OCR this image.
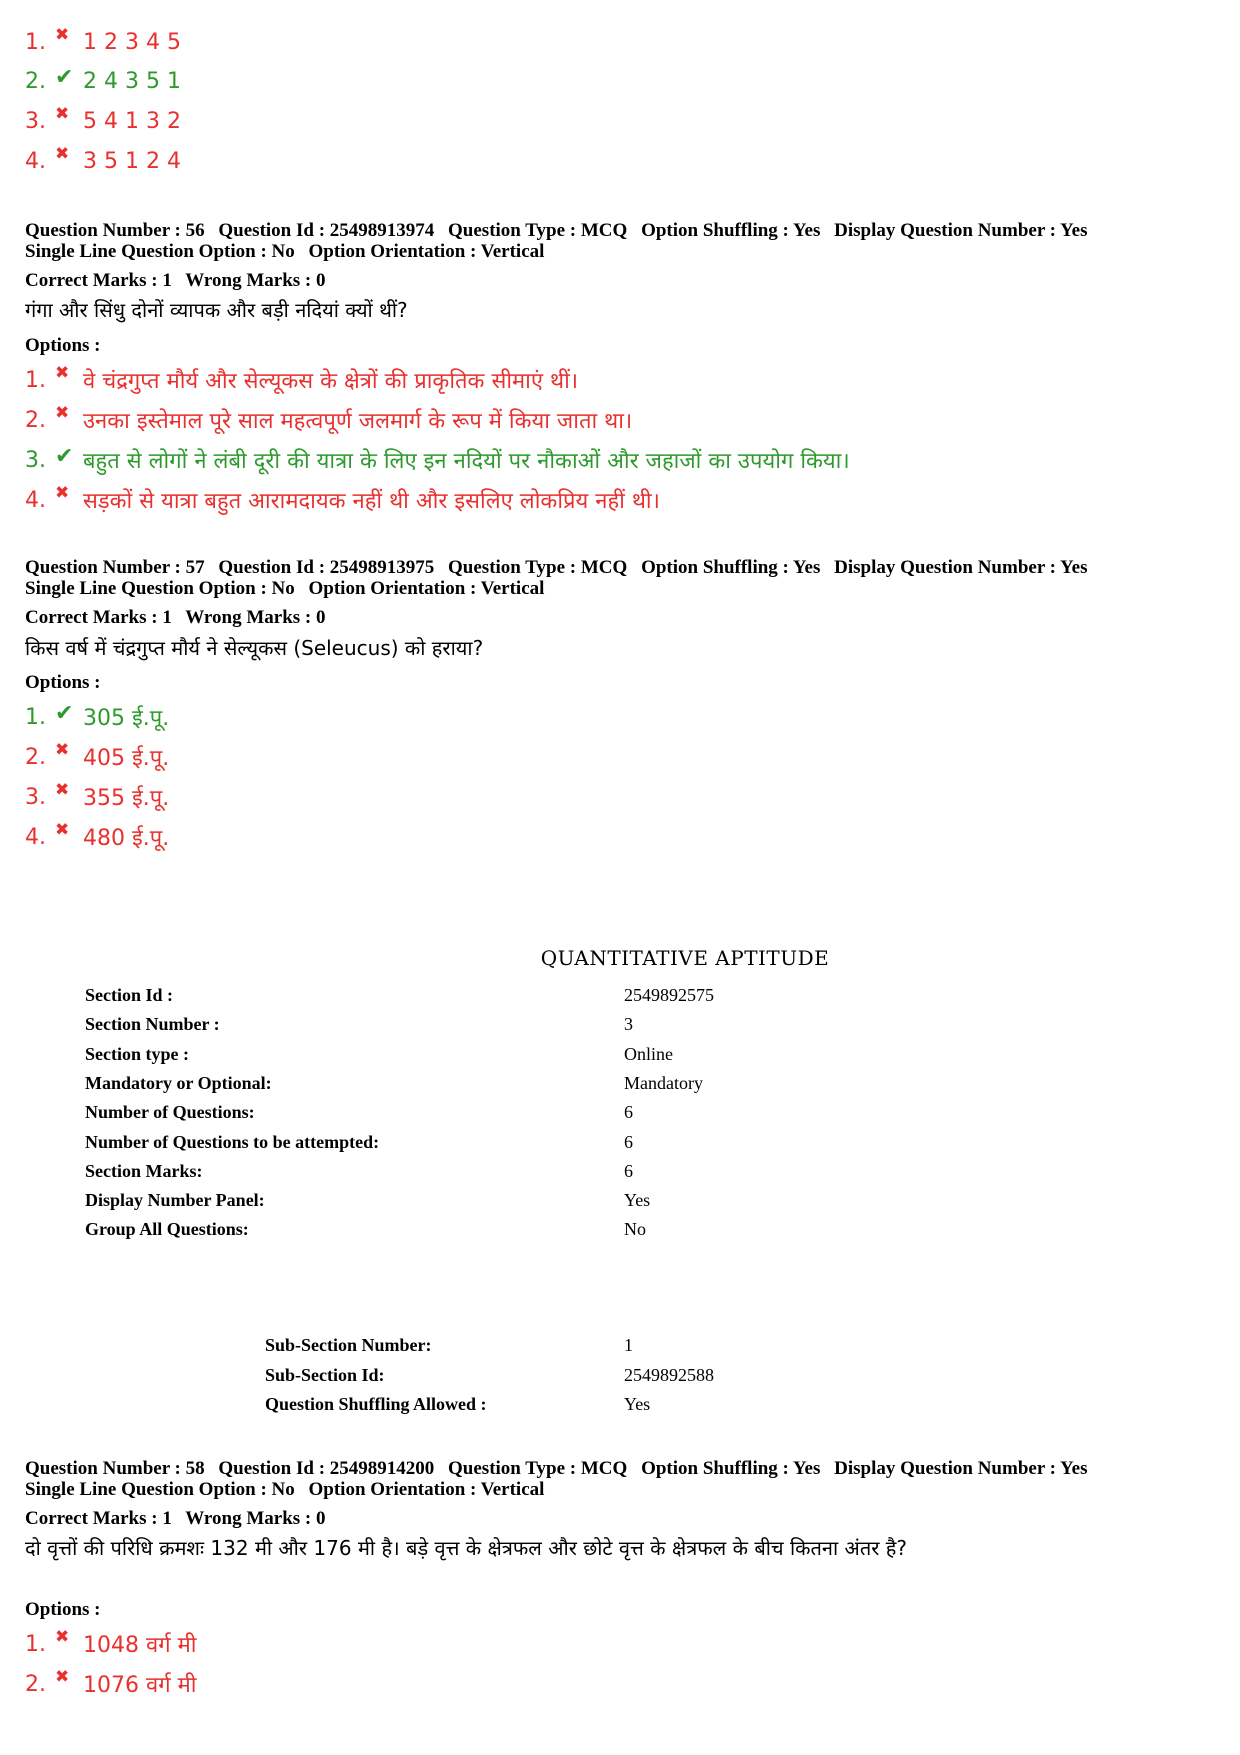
1. ✖ 1 2 3 4 5
2. ✔ 2 4 3 5 1
3. ✖ 5 4 1 3 2
4. ✖ 3 5 1 2 4
Question Number : 56 Question Id : 25498913974 Question Type : MCQ Option Shuffling : Yes Display Question Number : Yes
Single Line Question Option : No Option Orientation : Vertical
Correct Marks : 1 Wrong Marks : 0
गंगा और सिंधु दोनों व्यापक और बड़ी नदियां क्यों थीं?
Options :
1. ✖ वे चंद्रगुप्त मौर्य और सेल्यूकस के क्षेत्रों की प्राकृतिक सीमाएं थीं।
2. ✖ उनका इस्तेमाल पूरे साल महत्वपूर्ण जलमार्ग के रूप में किया जाता था।
3. ✔ बहुत से लोगों ने लंबी दूरी की यात्रा के लिए इन नदियों पर नौकाओं और जहाजों का उपयोग किया।
4. ✖ सड़कों से यात्रा बहुत आरामदायक नहीं थी और इसलिए लोकप्रिय नहीं थी।
Question Number : 57 Question Id : 25498913975 Question Type : MCQ Option Shuffling : Yes Display Question Number : Yes
Single Line Question Option : No Option Orientation : Vertical
Correct Marks : 1 Wrong Marks : 0
किस वर्ष में चंद्रगुप्त मौर्य ने सेल्यूकस (Seleucus) को हराया?
Options :
1. ✔ 305 ई.पू.
2. ✖ 405 ई.पू.
3. ✖ 355 ई.पू.
4. ✖ 480 ई.पू.
QUANTITATIVE APTITUDE
Section Id :	2549892575
Section Number :	3
Section type :	Online
Mandatory or Optional:	Mandatory
Number of Questions:	6
Number of Questions to be attempted:	6
Section Marks:	6
Display Number Panel:	Yes
Group All Questions:	No
Sub-Section Number:	1
Sub-Section Id:	2549892588
Question Shuffling Allowed :	Yes
Question Number : 58 Question Id : 25498914200 Question Type : MCQ Option Shuffling : Yes Display Question Number : Yes
Single Line Question Option : No Option Orientation : Vertical
Correct Marks : 1 Wrong Marks : 0
दो वृत्तों की परिधि क्रमशः 132 मी और 176 मी है। बड़े वृत्त के क्षेत्रफल और छोटे वृत्त के क्षेत्रफल के बीच कितना अंतर है?
Options :
1. ✖ 1048 वर्ग मी
2. ✖ 1076 वर्ग मी
